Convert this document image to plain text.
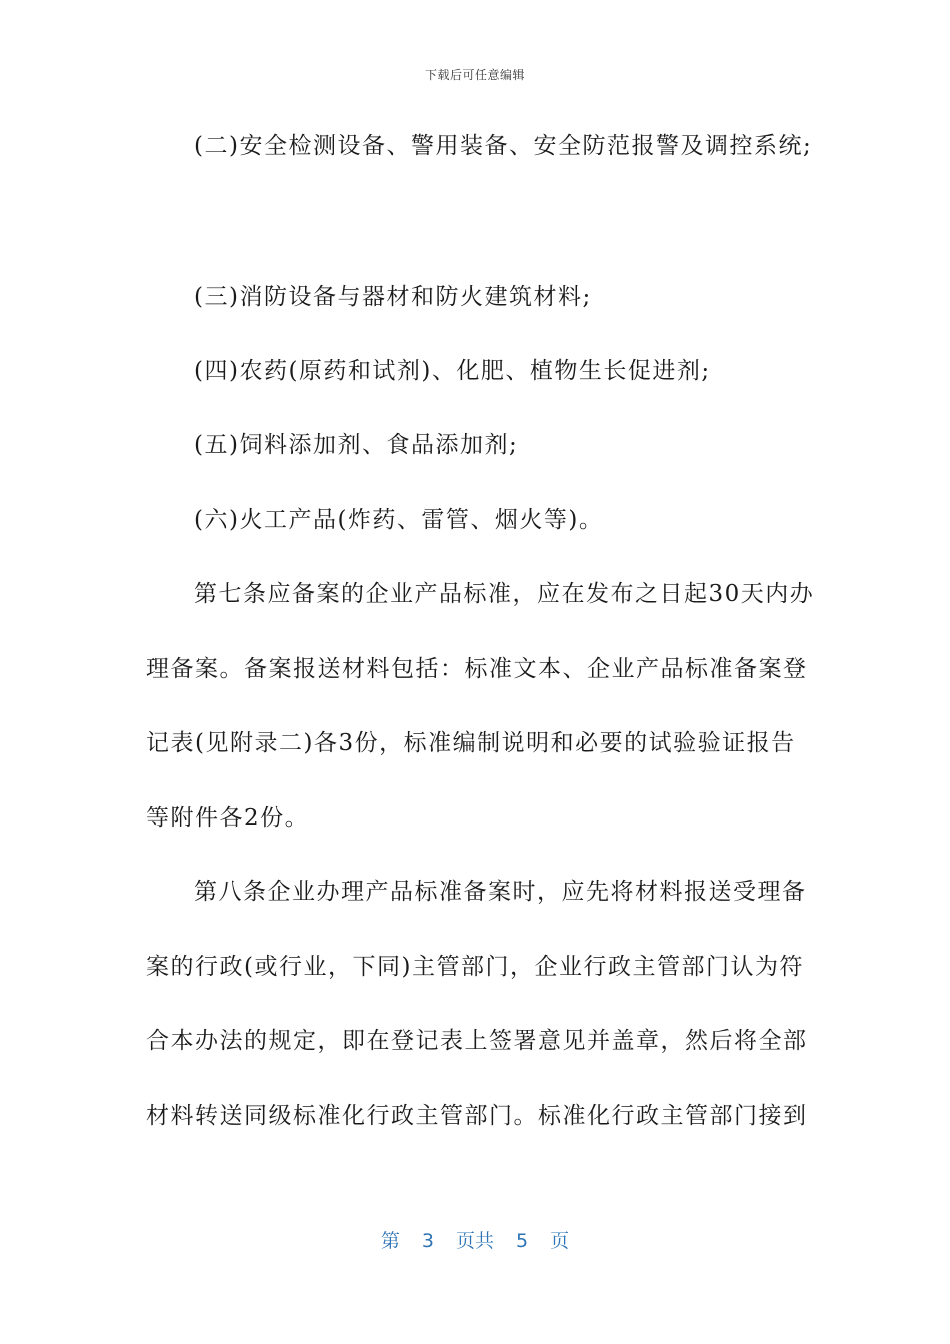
下载后可任意编辑
(二)安全检测设备、警用装备、安全防范报警及调控系统;
(三)消防设备与器材和防火建筑材料;
(四)农药(原药和试剂)、化肥、植物生长促进剂;
(五)饲料添加剂、食品添加剂;
(六)火工产品(炸药、雷管、烟火等)。
第七条应备案的企业产品标准，应在发布之日起30天内办
理备案。备案报送材料包括：标准文本、企业产品标准备案登
记表(见附录二)各3份，标准编制说明和必要的试验验证报告
等附件各2份。
第八条企业办理产品标准备案时，应先将材料报送受理备
案的行政(或行业，下同)主管部门，企业行政主管部门认为符
合本办法的规定，即在登记表上签署意见并盖章，然后将全部
材料转送同级标准化行政主管部门。标准化行政主管部门接到
第 3 页共 5 页
